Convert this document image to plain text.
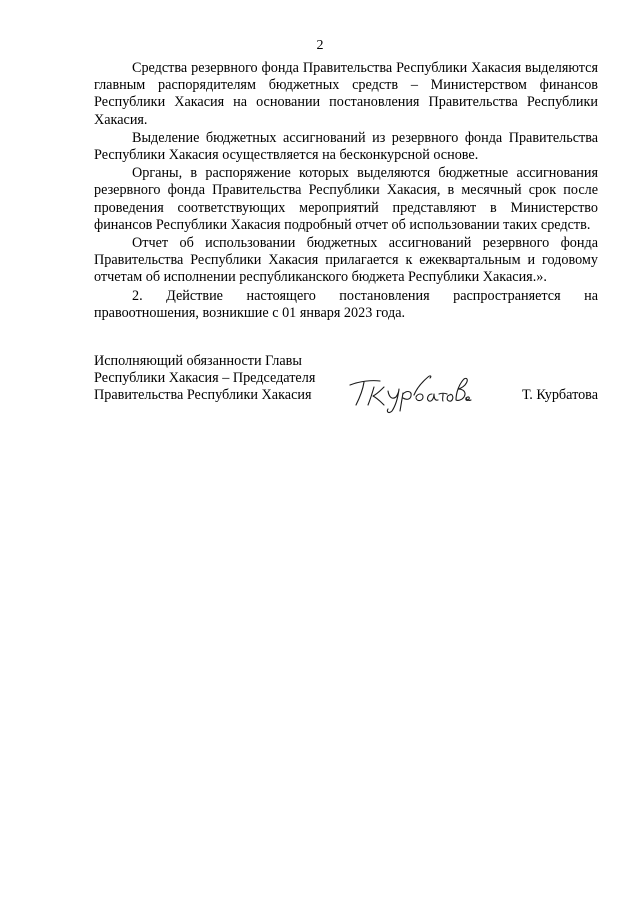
2

Средства резервного фонда Правительства Республики Хакасия выделяются главным распорядителям бюджетных средств – Министерством финансов Республики Хакасия на основании постановления Правительства Республики Хакасия.

Выделение бюджетных ассигнований из резервного фонда Правительства Республики Хакасия осуществляется на бесконкурсной основе.

Органы, в распоряжение которых выделяются бюджетные ассигнования резервного фонда Правительства Республики Хакасия, в месячный срок после проведения соответствующих мероприятий представляют в Министерство финансов Республики Хакасия подробный отчет об использовании таких средств.

Отчет об использовании бюджетных ассигнований резервного фонда Правительства Республики Хакасия прилагается к ежеквартальным и годовому отчетам об исполнении республиканского бюджета Республики Хакасия.».

2. Действие настоящего постановления распространяется на правоотношения, возникшие с 01 января 2023 года.

Исполняющий обязанности Главы
Республики Хакасия – Председателя
Правительства Республики Хакасия	Т. Курбатова
